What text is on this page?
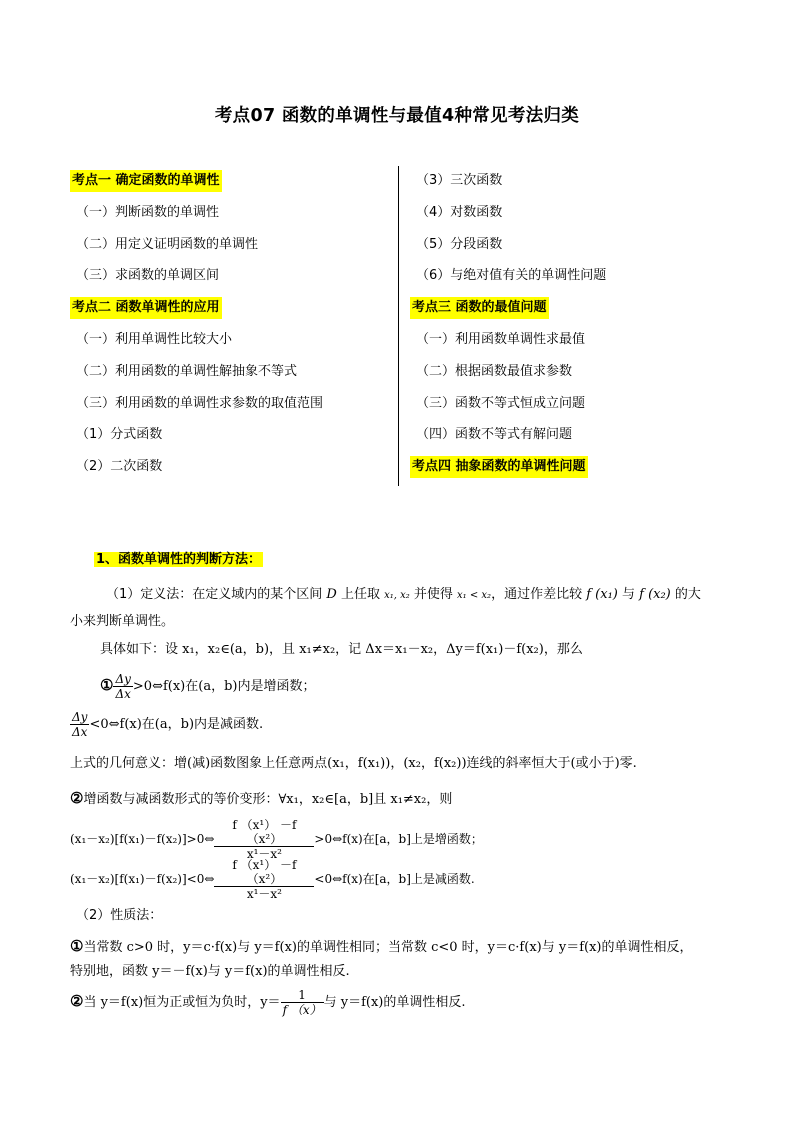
考点07 函数的单调性与最值4种常见考法归类
考点一 确定函数的单调性
（一）判断函数的单调性
（二）用定义证明函数的单调性
（三）求函数的单调区间
考点二 函数单调性的应用
（一）利用单调性比较大小
（二）利用函数的单调性解抽象不等式
（三）利用函数的单调性求参数的取值范围
（1）分式函数
（2）二次函数
（3）三次函数
（4）对数函数
（5）分段函数
（6）与绝对值有关的单调性问题
考点三 函数的最值问题
（一）利用函数单调性求最值
（二）根据函数最值求参数
（三）函数不等式恒成立问题
（四）函数不等式有解问题
考点四 抽象函数的单调性问题
1、函数单调性的判断方法：
（1）定义法：在定义域内的某个区间 D 上任取 x₁, x₂ 并使得 x₁ < x₂，通过作差比较 f (x₁) 与 f (x₂) 的大
小来判断单调性。
具体如下：设 x₁，x₂∈(a，b)，且 x₁≠x₂，记 Δx＝x₁－x₂，Δy＝f(x₁)－f(x₂)，那么
① $\frac{\Delta y}{\Delta x}$ >0⇔f(x)在(a，b)内是增函数；
$\frac{\Delta y}{\Delta x}$ <0⇔f(x)在(a，b)内是减函数.
上式的几何意义：增(减)函数图象上任意两点(x₁，f(x₁))，(x₂，f(x₂))连线的斜率恒大于(或小于)零.
②增函数与减函数形式的等价变形：∀x₁，x₂∈[a，b]且 x₁≠x₂，则
(x₁－x₂)[f(x₁)－f(x₂)]>0⇔ $\frac{\text{f （x¹） －f （x²）}}{\text{x¹－x²}}$ >0⇔f(x)在[a，b]上是增函数；
(x₁－x₂)[f(x₁)－f(x₂)]<0⇔ $\frac{\text{f （x¹） －f （x²）}}{\text{x¹－x²}}$ <0⇔f(x)在[a，b]上是减函数.
（2）性质法：
①当常数 c>0 时，y＝c·f(x)与 y＝f(x)的单调性相同；当常数 c<0 时，y＝c·f(x)与 y＝f(x)的单调性相反，
特别地，函数 y＝－f(x)与 y＝f(x)的单调性相反.
②当 y＝f(x)恒为正或恒为负时，$y= \frac{1}{f (x)}$ 与 y＝f(x)的单调性相反.
